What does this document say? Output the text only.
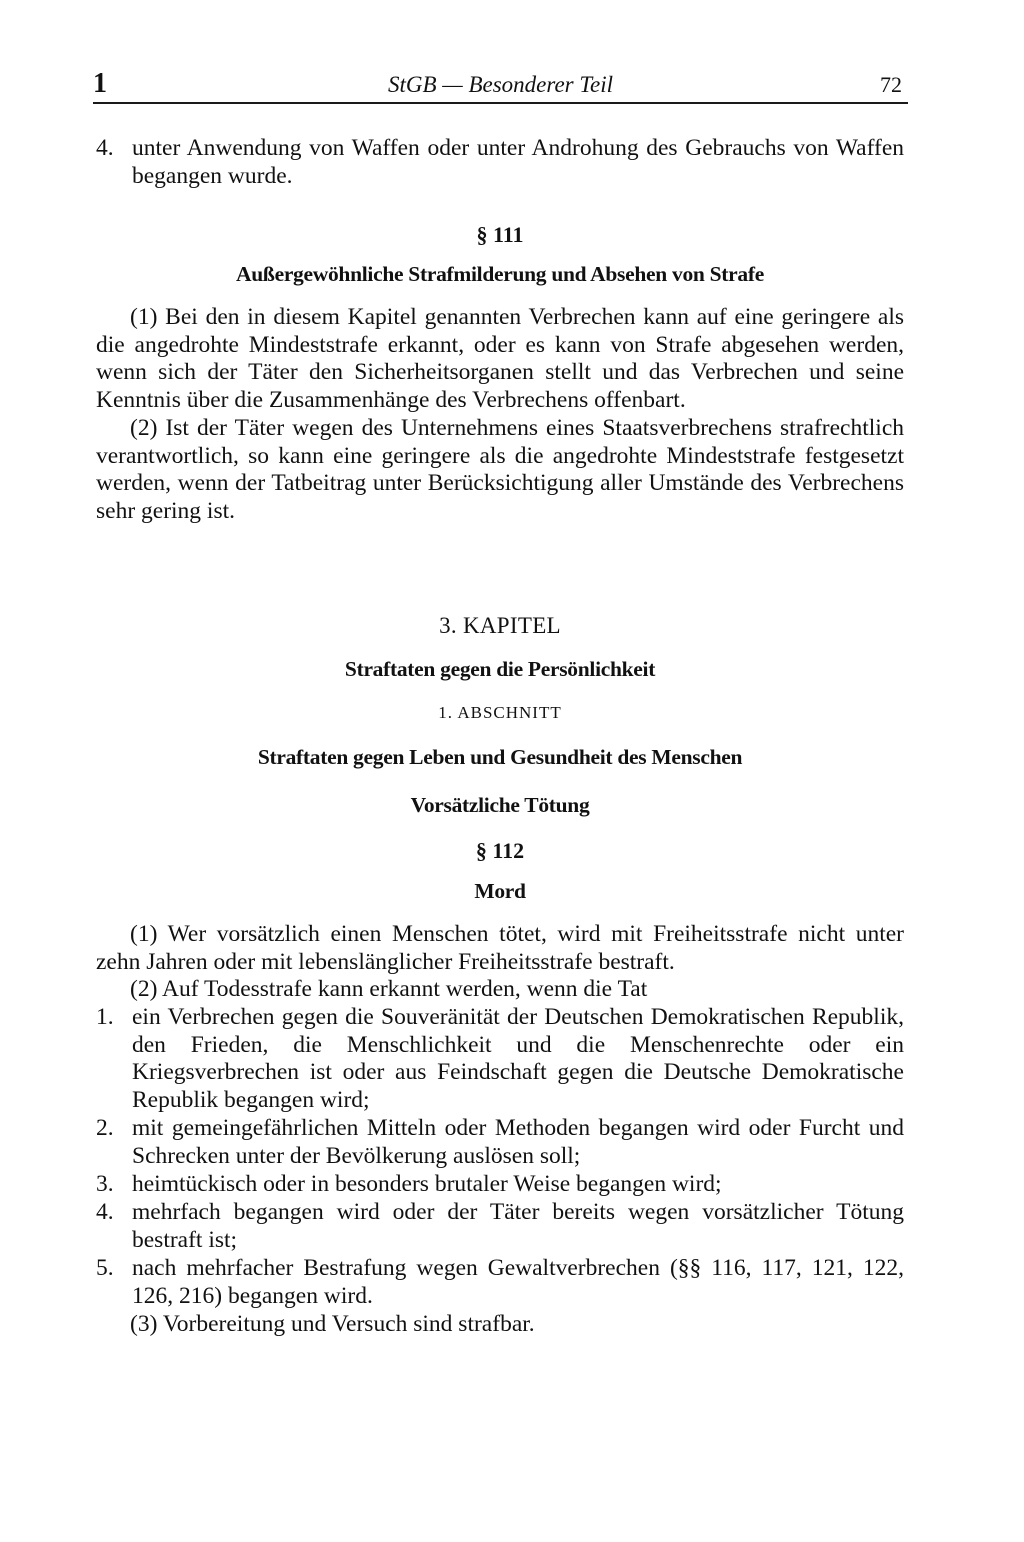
1	StGB — Besonderer Teil	72
4. unter Anwendung von Waffen oder unter Androhung des Gebrauchs von Waffen begangen wurde.

§ 111

Außergewöhnliche Strafmilderung und Absehen von Strafe

(1) Bei den in diesem Kapitel genannten Verbrechen kann auf eine geringere als die angedrohte Mindeststrafe erkannt, oder es kann von Strafe abgesehen werden, wenn sich der Täter den Sicherheitsorganen stellt und das Verbrechen und seine Kenntnis über die Zusammenhänge des Verbrechens offenbart.

(2) Ist der Täter wegen des Unternehmens eines Staatsverbrechens strafrechtlich verantwortlich, so kann eine geringere als die angedrohte Mindeststrafe festgesetzt werden, wenn der Tatbeitrag unter Berücksichtigung aller Umstände des Verbrechens sehr gering ist.

3. KAPITEL

Straftaten gegen die Persönlichkeit

1. ABSCHNITT

Straftaten gegen Leben und Gesundheit des Menschen

Vorsätzliche Tötung

§ 112

Mord

(1) Wer vorsätzlich einen Menschen tötet, wird mit Freiheitsstrafe nicht unter zehn Jahren oder mit lebenslänglicher Freiheitsstrafe bestraft.

(2) Auf Todesstrafe kann erkannt werden, wenn die Tat

1. ein Verbrechen gegen die Souveränität der Deutschen Demokratischen Republik, den Frieden, die Menschlichkeit und die Menschenrechte oder ein Kriegsverbrechen ist oder aus Feindschaft gegen die Deutsche Demokratische Republik begangen wird;
2. mit gemeingefährlichen Mitteln oder Methoden begangen wird oder Furcht und Schrecken unter der Bevölkerung auslösen soll;
3. heimtückisch oder in besonders brutaler Weise begangen wird;
4. mehrfach begangen wird oder der Täter bereits wegen vorsätzlicher Tötung bestraft ist;
5. nach mehrfacher Bestrafung wegen Gewaltverbrechen (§§ 116, 117, 121, 122, 126, 216) begangen wird.

(3) Vorbereitung und Versuch sind strafbar.
